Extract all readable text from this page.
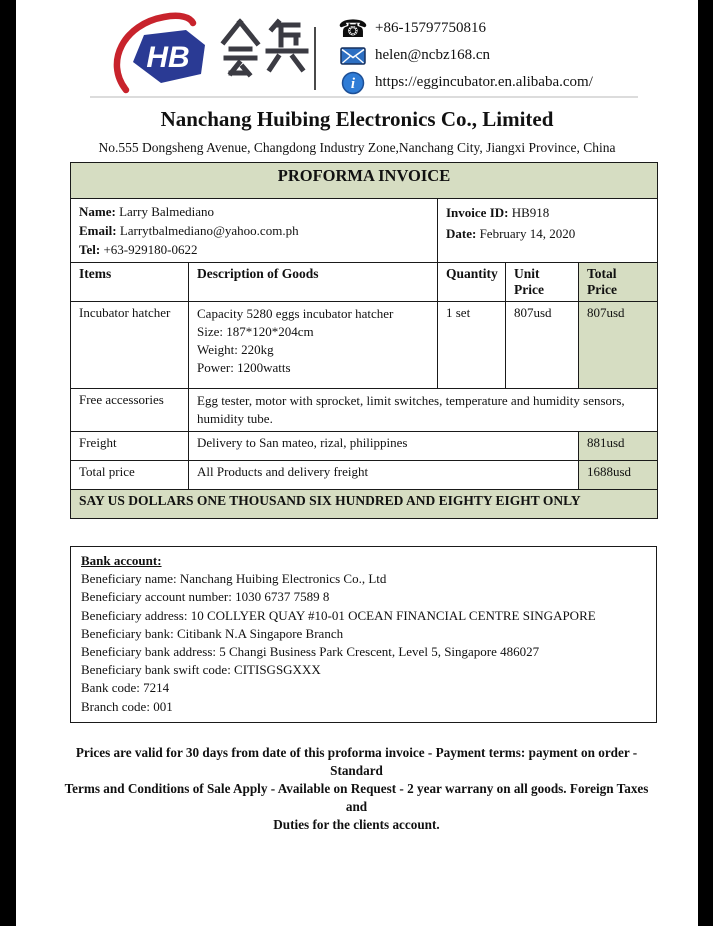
HB
☎ +86-15797750816
helen@ncbz168.cn
i	https://eggincubator.en.alibaba.com/
Nanchang Huibing Electronics Co., Limited
No.555 Dongsheng Avenue, Changdong Industry Zone,Nanchang City, Jiangxi Province, China
PROFORMA INVOICE				

Name: Larry Balmediano
Email: Larrytbalmediano@yahoo.com.ph
Tel: +63-929180-0622

Invoice ID: HB918
Date: February 14, 2020

Items	Description of Goods	Quantity	Unit Price	Total Price
Incubator hatcher	Capacity 5280 eggs incubator hatcher
Size: 187*120*204cm
Weight: 220kg
Power: 1200watts	1 set	807usd	807usd
Free accessories	Egg tester, motor with sprocket, limit switches, temperature and humidity sensors, humidity tube.			
Freight	Delivery to San mateo, rizal, philippines			881usd
Total price	All Products and delivery freight			1688usd
SAY US DOLLARS ONE THOUSAND SIX HUNDRED AND EIGHTY EIGHT ONLY				
Bank account:
Beneficiary name: Nanchang Huibing Electronics Co., Ltd
Beneficiary account number: 1030 6737 7589 8
Beneficiary address: 10 COLLYER QUAY #10-01 OCEAN FINANCIAL CENTRE SINGAPORE
Beneficiary bank: Citibank N.A Singapore Branch
Beneficiary bank address: 5 Changi Business Park Crescent, Level 5, Singapore 486027
Beneficiary bank swift code: CITISGSGXXX
Bank code: 7214
Branch code: 001
Prices are valid for 30 days from date of this proforma invoice - Payment terms: payment on order - Standard
Terms and Conditions of Sale Apply - Available on Request - 2 year warrany on all goods. Foreign Taxes and
Duties for the clients account.
